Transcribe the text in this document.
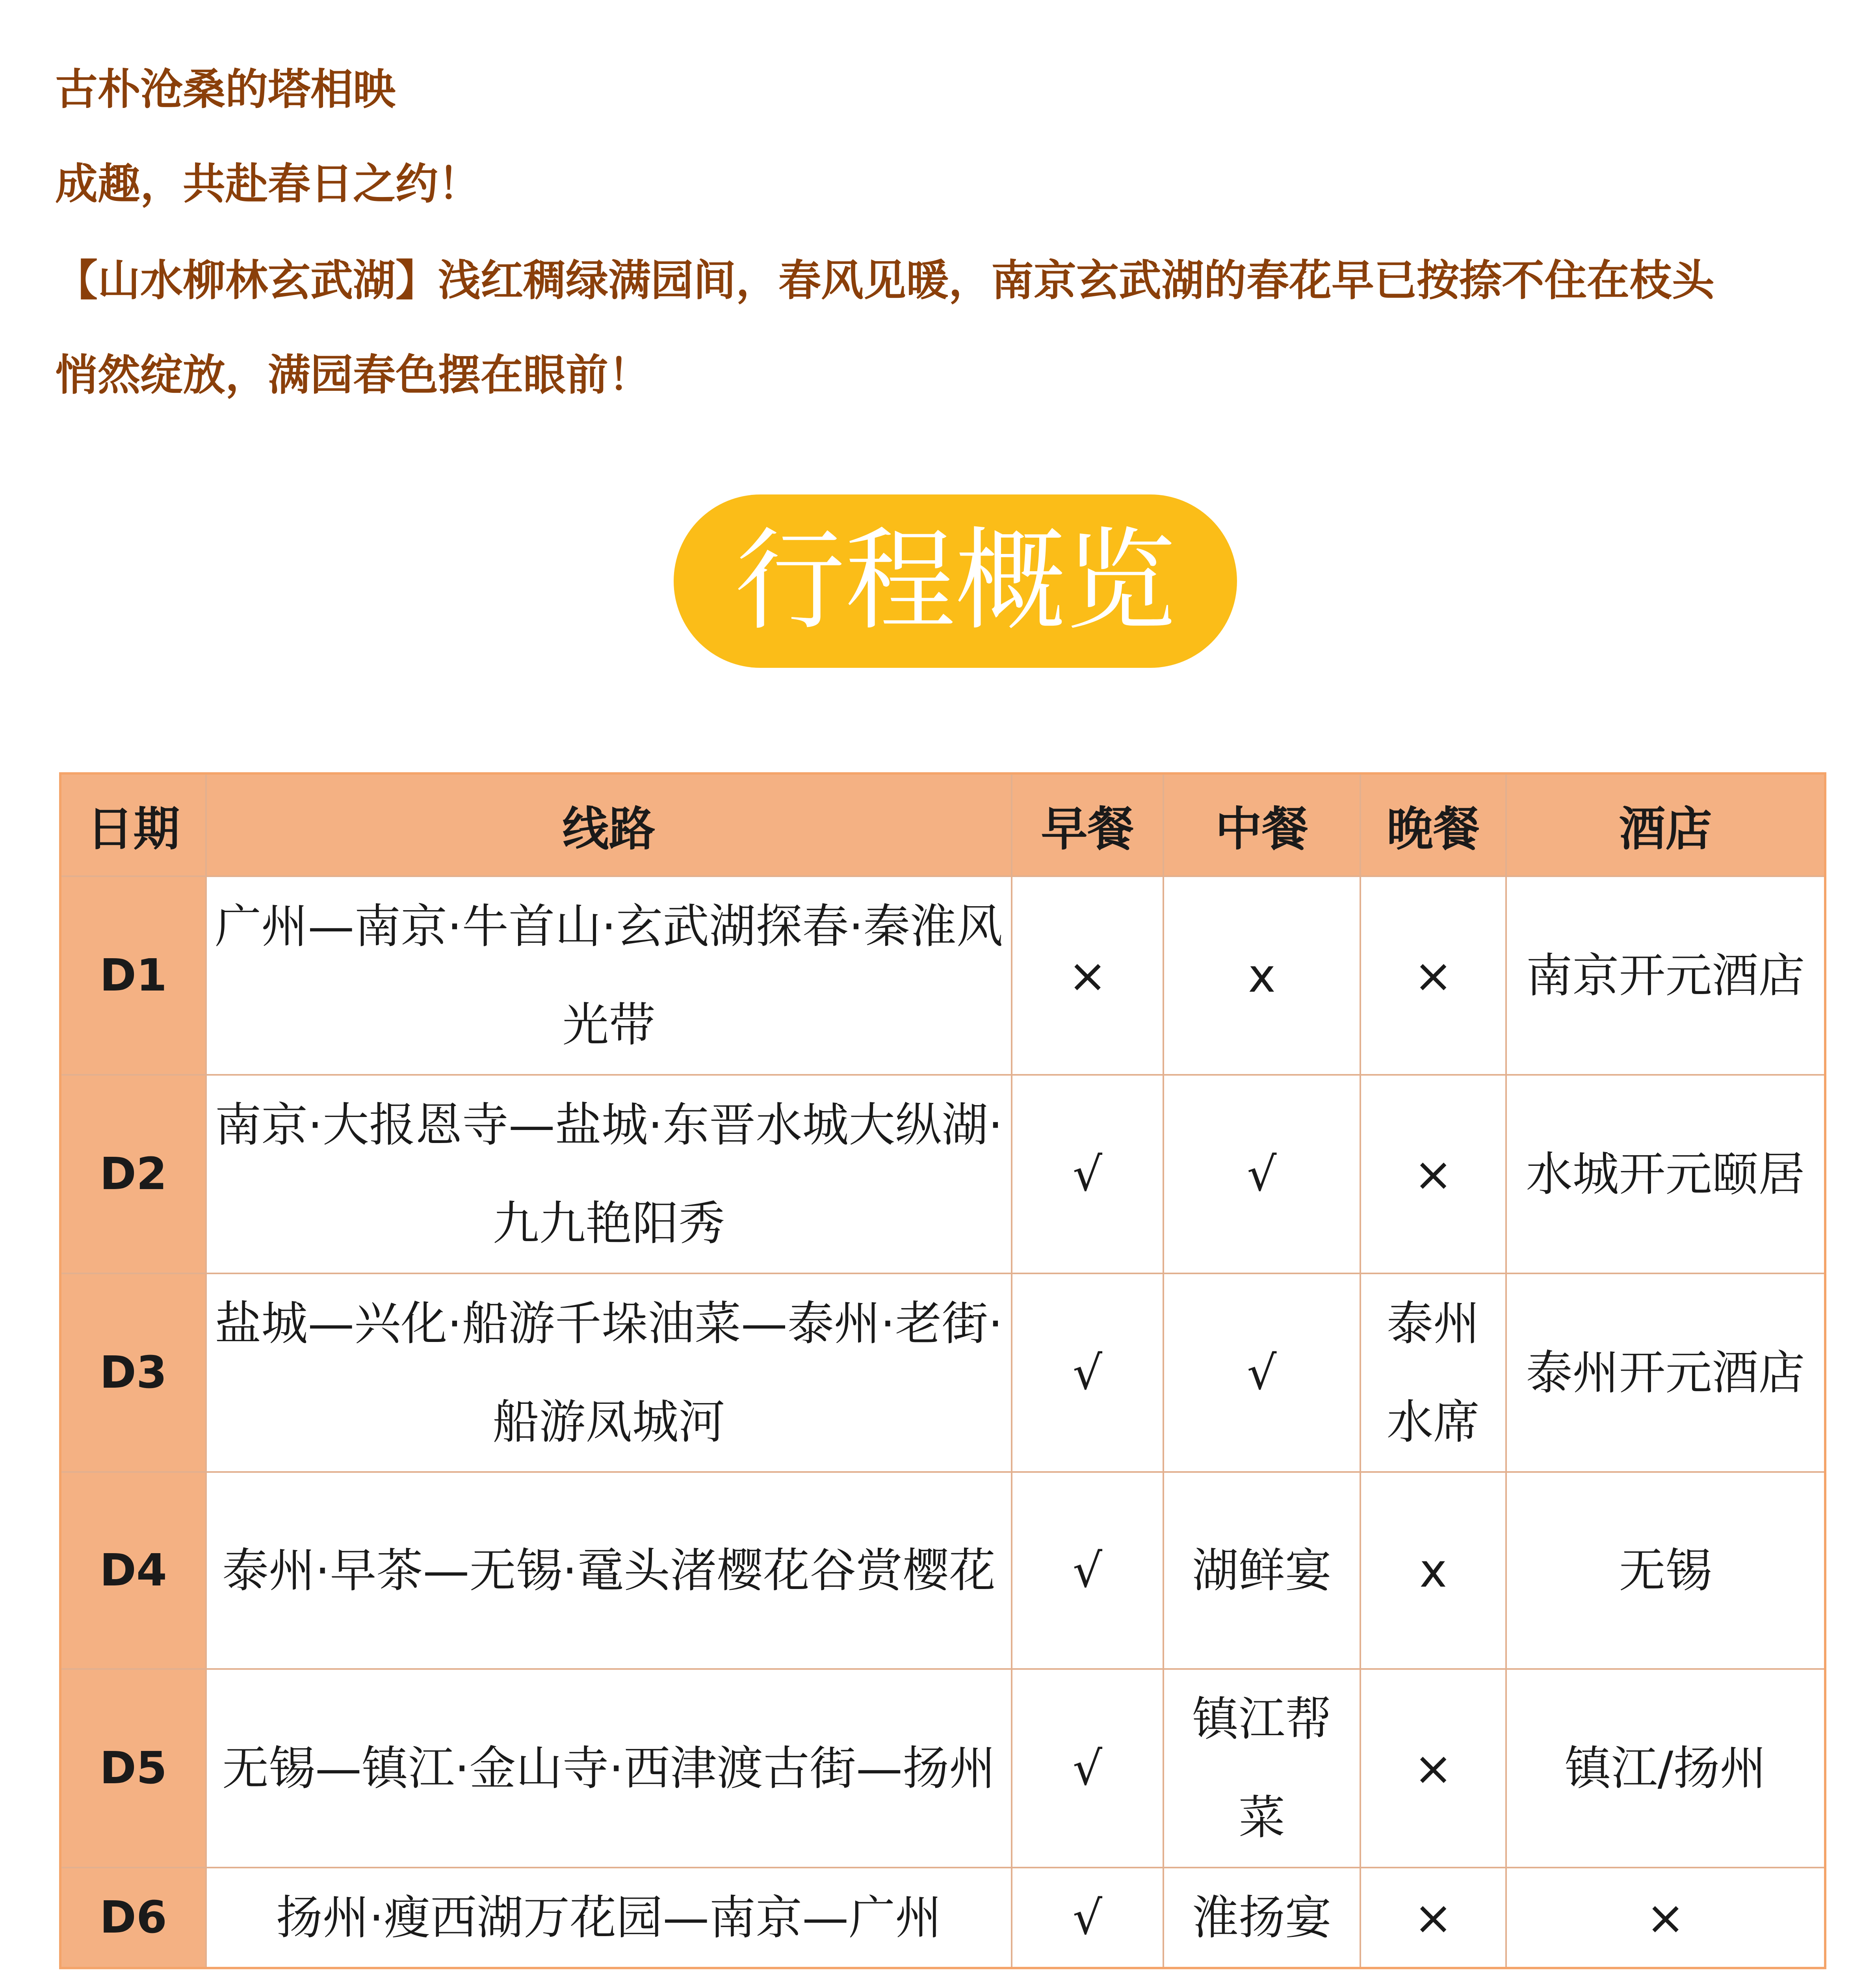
古朴沧桑的塔相映
成趣，共赴春日之约！
【山水柳林玄武湖】浅红稠绿满园间，春风见暖，南京玄武湖的春花早已按捺不住在枝头
悄然绽放，满园春色摆在眼前！
行程概览
日期	线路	早餐	中餐	晚餐	酒店
D1	广州—南京·牛首山·玄武湖探春·秦淮风光带	×	x	×	南京开元酒店
D2	南京·大报恩寺—盐城·东晋水城大纵湖·九九艳阳秀	√	√	×	水城开元颐居
D3	盐城—兴化·船游千垛油菜—泰州·老街·船游凤城河	√	√	泰州水席	泰州开元酒店
D4	泰州·早茶—无锡·鼋头渚樱花谷赏樱花	√	湖鲜宴	x	无锡
D5	无锡—镇江·金山寺·西津渡古街—扬州	√	镇江帮菜	×	镇江/扬州
D6	扬州·瘦西湖万花园—南京—广州	√	淮扬宴	×	×
